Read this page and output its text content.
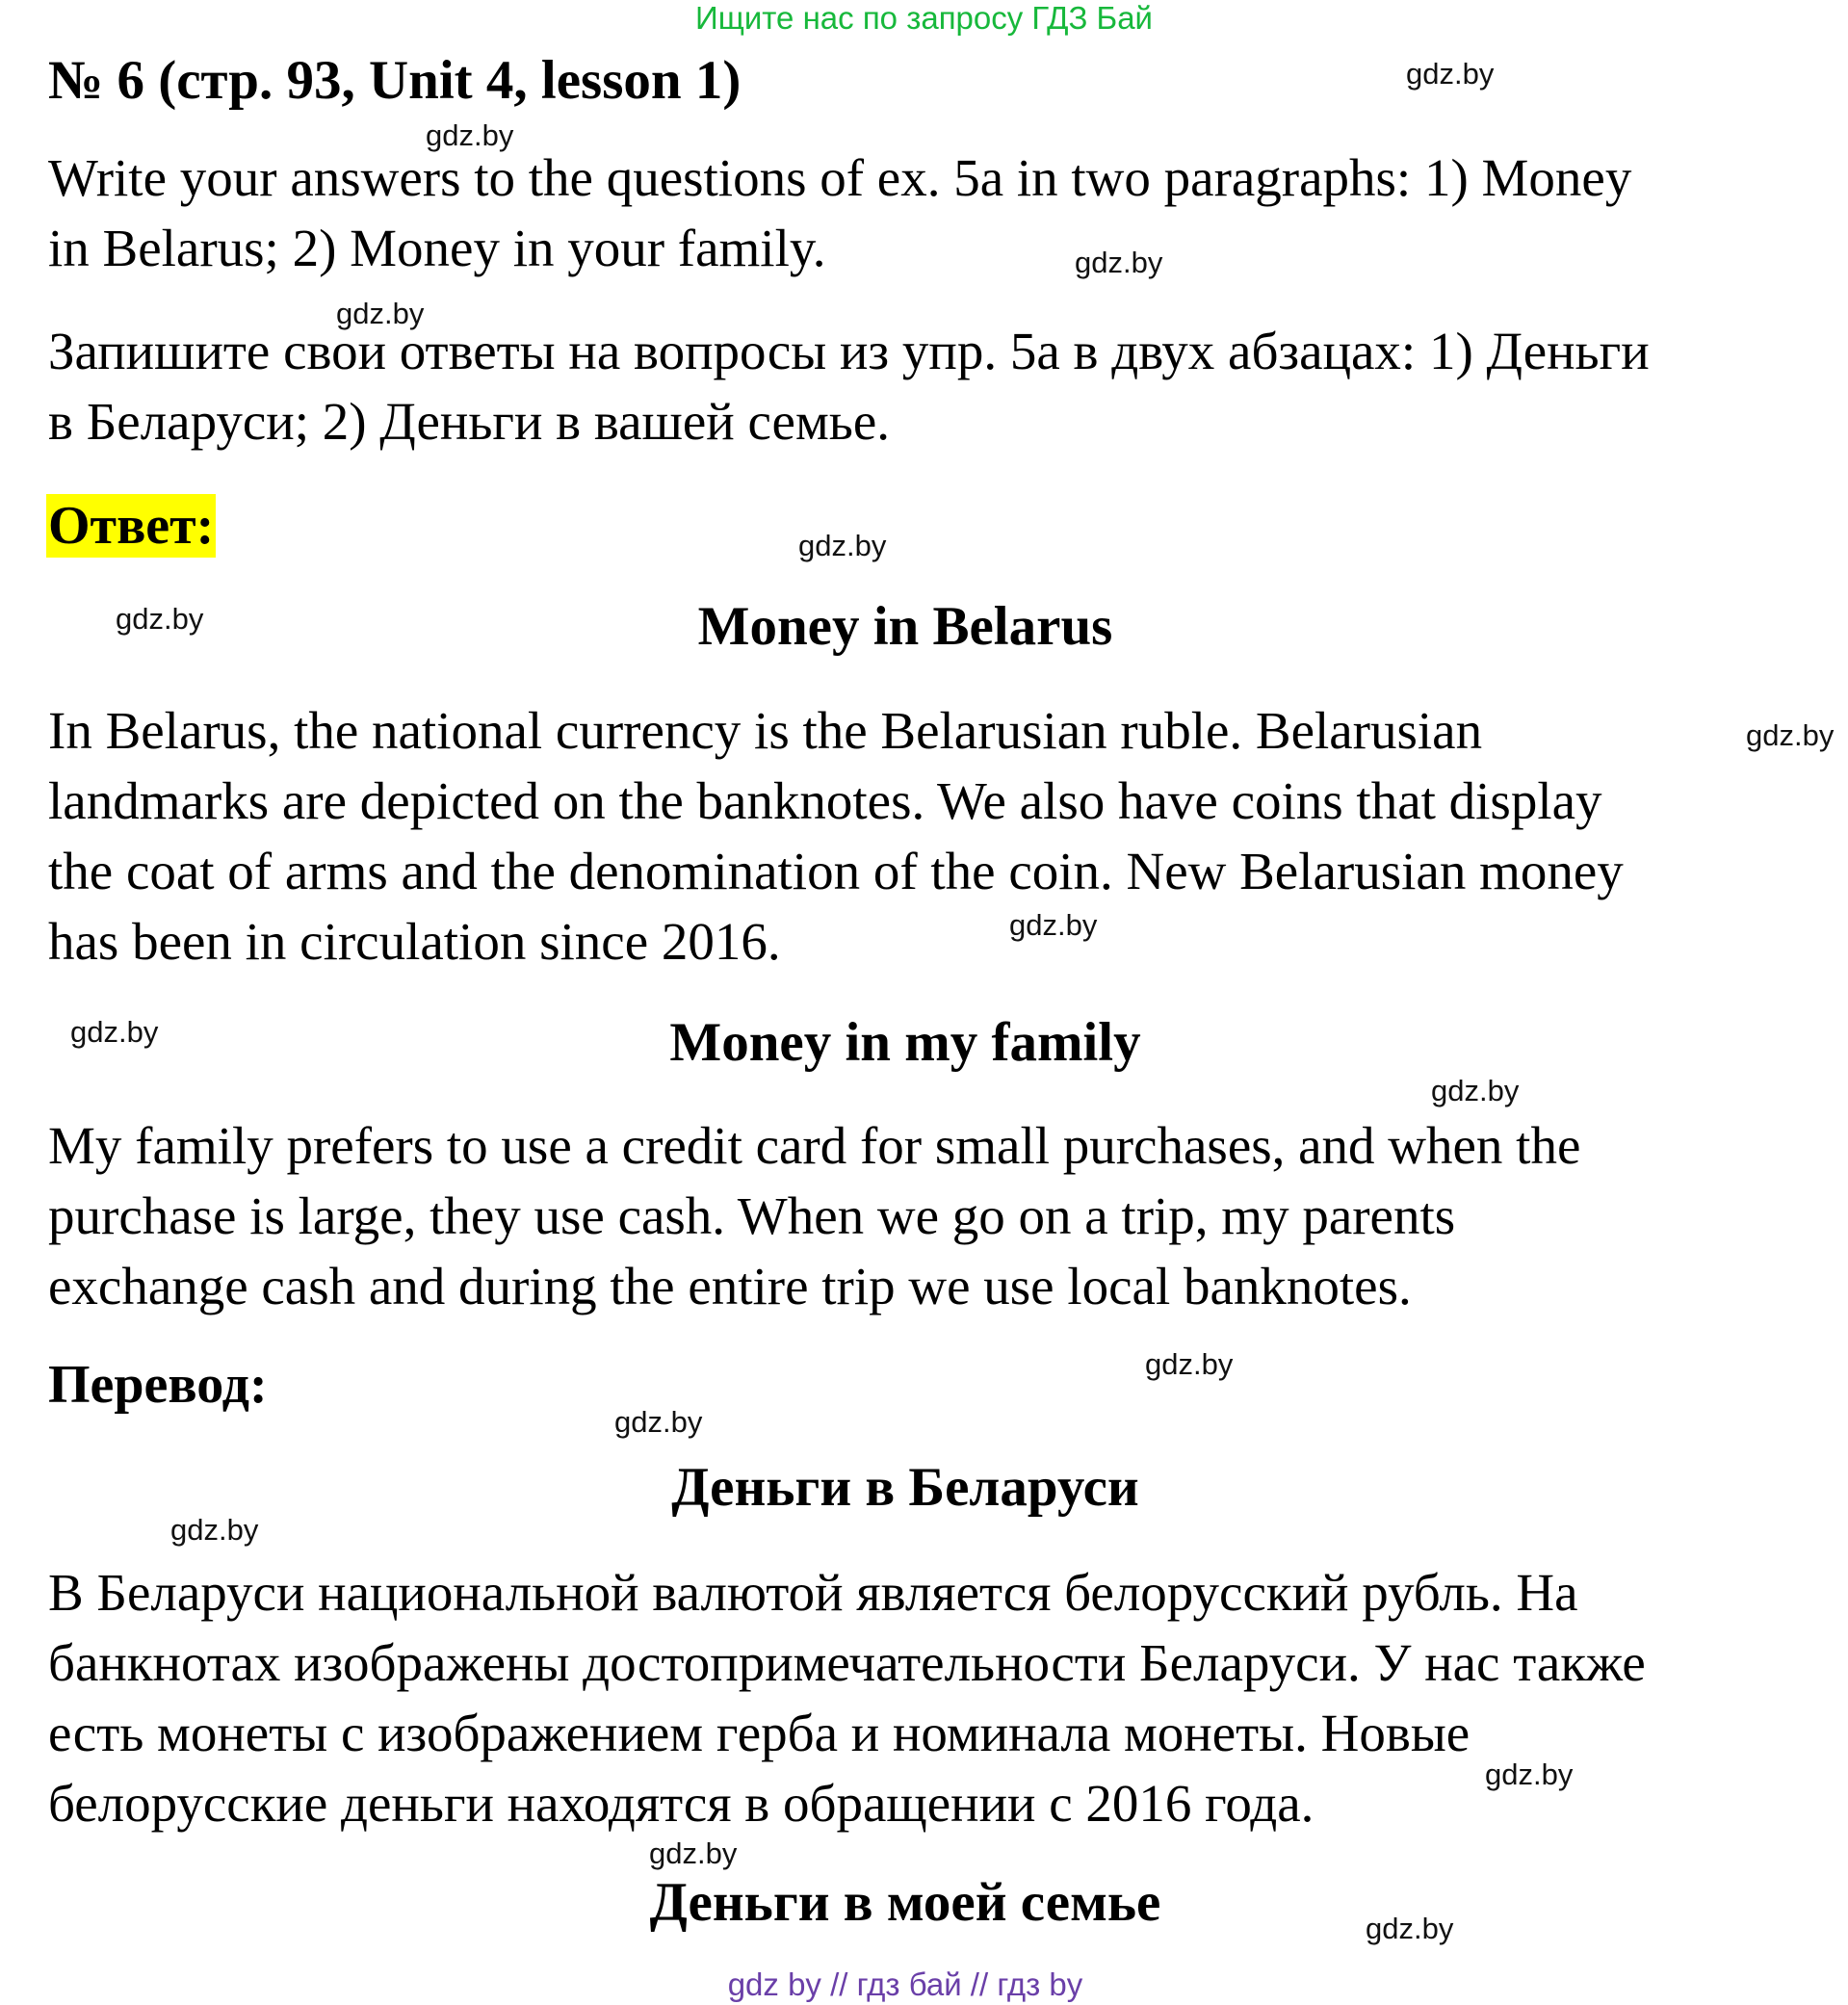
Ищите нас по запросу ГДЗ Бай
№ 6 (стр. 93, Unit 4, lesson 1)
Write your answers to the questions of ex. 5a in two paragraphs: 1) Money
in Belarus; 2) Money in your family.
Запишите свои ответы на вопросы из упр. 5a в двух абзацах: 1) Деньги
в Беларуси; 2) Деньги в вашей семье.
Ответ:
Money in Belarus
In Belarus, the national currency is the Belarusian ruble. Belarusian
landmarks are depicted on the banknotes. We also have coins that display
the coat of arms and the denomination of the coin. New Belarusian money
has been in circulation since 2016.
Money in my family
My family prefers to use a credit card for small purchases, and when the
purchase is large, they use cash. When we go on a trip, my parents
exchange cash and during the entire trip we use local banknotes.
Перевод:
Деньги в Беларуси
В Беларуси национальной валютой является белорусский рубль. На
банкнотах изображены достопримечательности Беларуси. У нас также
есть монеты с изображением герба и номинала монеты. Новые
белорусские деньги находятся в обращении с 2016 года.
Деньги в моей семье
gdz.by
gdz.by
gdz.by
gdz.by
gdz.by
gdz.by
gdz.by
gdz.by
gdz.by
gdz.by
gdz.by
gdz.by
gdz.by
gdz.by
gdz.by
gdz.by
gdz by // гдз бай // гдз by
